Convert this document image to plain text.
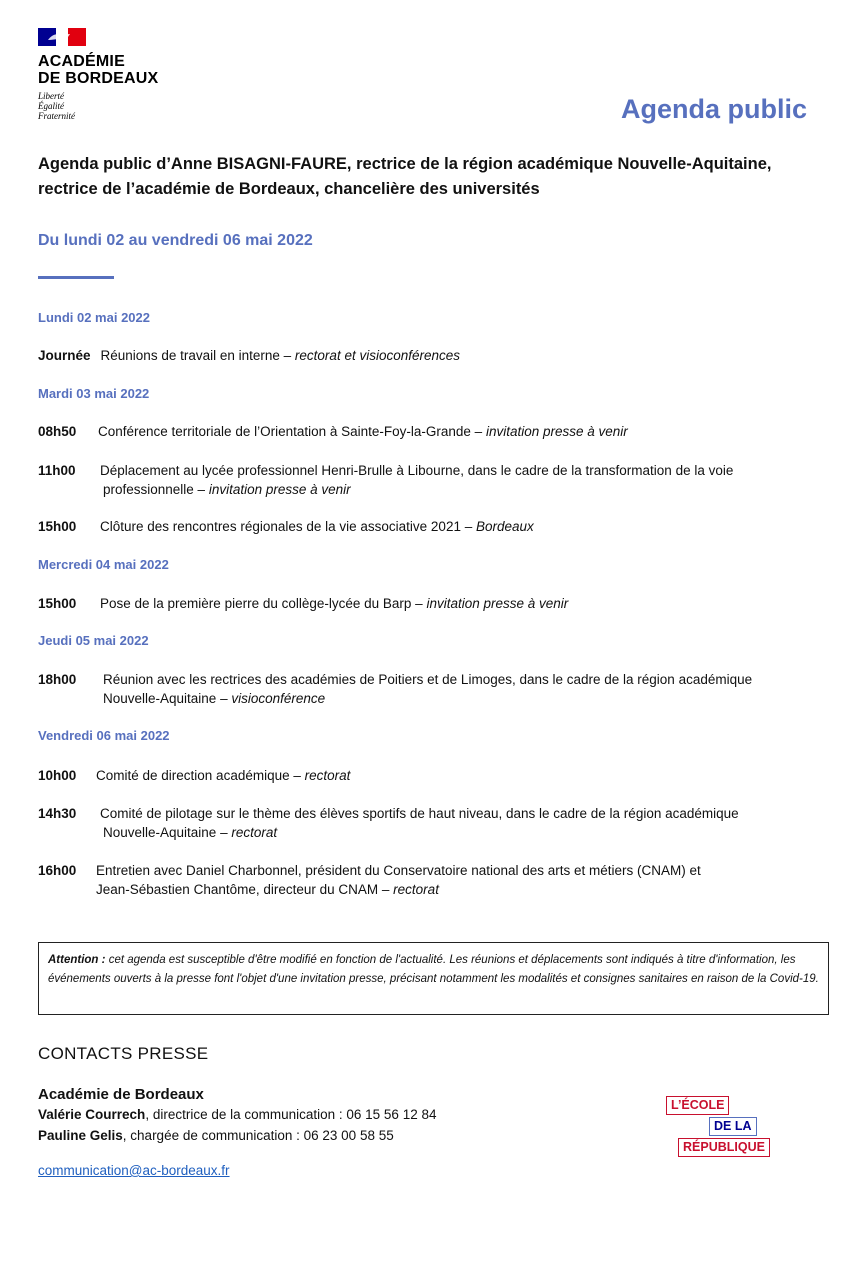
ACADÉMIE
DE BORDEAUX
Liberté
Égalité
Fraternité	Agenda public
Agenda public d’Anne BISAGNI-FAURE, rectrice de la région académique Nouvelle-Aquitaine, rectrice de l’académie de Bordeaux, chancelière des universités
Du lundi 02 au vendredi 06 mai 2022
Lundi 02 mai 2022
Journée Réunions de travail en interne – rectorat et visioconférences
Mardi 03 mai 2022
08h50 Conférence territoriale de l’Orientation à Sainte-Foy-la-Grande – invitation presse à venir
11h00 Déplacement au lycée professionnel Henri-Brulle à Libourne, dans le cadre de la transformation de la voie
professionnelle – invitation presse à venir
15h00 Clôture des rencontres régionales de la vie associative 2021 – Bordeaux
Mercredi 04 mai 2022
15h00 Pose de la première pierre du collège-lycée du Barp – invitation presse à venir
Jeudi 05 mai 2022
18h00 Réunion avec les rectrices des académies de Poitiers et de Limoges, dans le cadre de la région académique
Nouvelle-Aquitaine – visioconférence
Vendredi 06 mai 2022
10h00 Comité de direction académique – rectorat
14h30 Comité de pilotage sur le thème des élèves sportifs de haut niveau, dans le cadre de la région académique
Nouvelle-Aquitaine – rectorat
16h00 Entretien avec Daniel Charbonnel, président du Conservatoire national des arts et métiers (CNAM) et
Jean-Sébastien Chantôme, directeur du CNAM – rectorat
Attention : cet agenda est susceptible d'être modifié en fonction de l'actualité. Les réunions et déplacements sont indiqués à titre d'information, les événements ouverts à la presse font l'objet d'une invitation presse, précisant notamment les modalités et consignes sanitaires en raison de la Covid-19.
CONTACTS PRESSE
Académie de Bordeaux
Valérie Courrech, directrice de la communication : 06 15 56 12 84
Pauline Gelis, chargée de communication : 06 23 00 58 55
communication@ac-bordeaux.fr
L’ÉCOLE
DE LA
RÉPUBLIQUE
